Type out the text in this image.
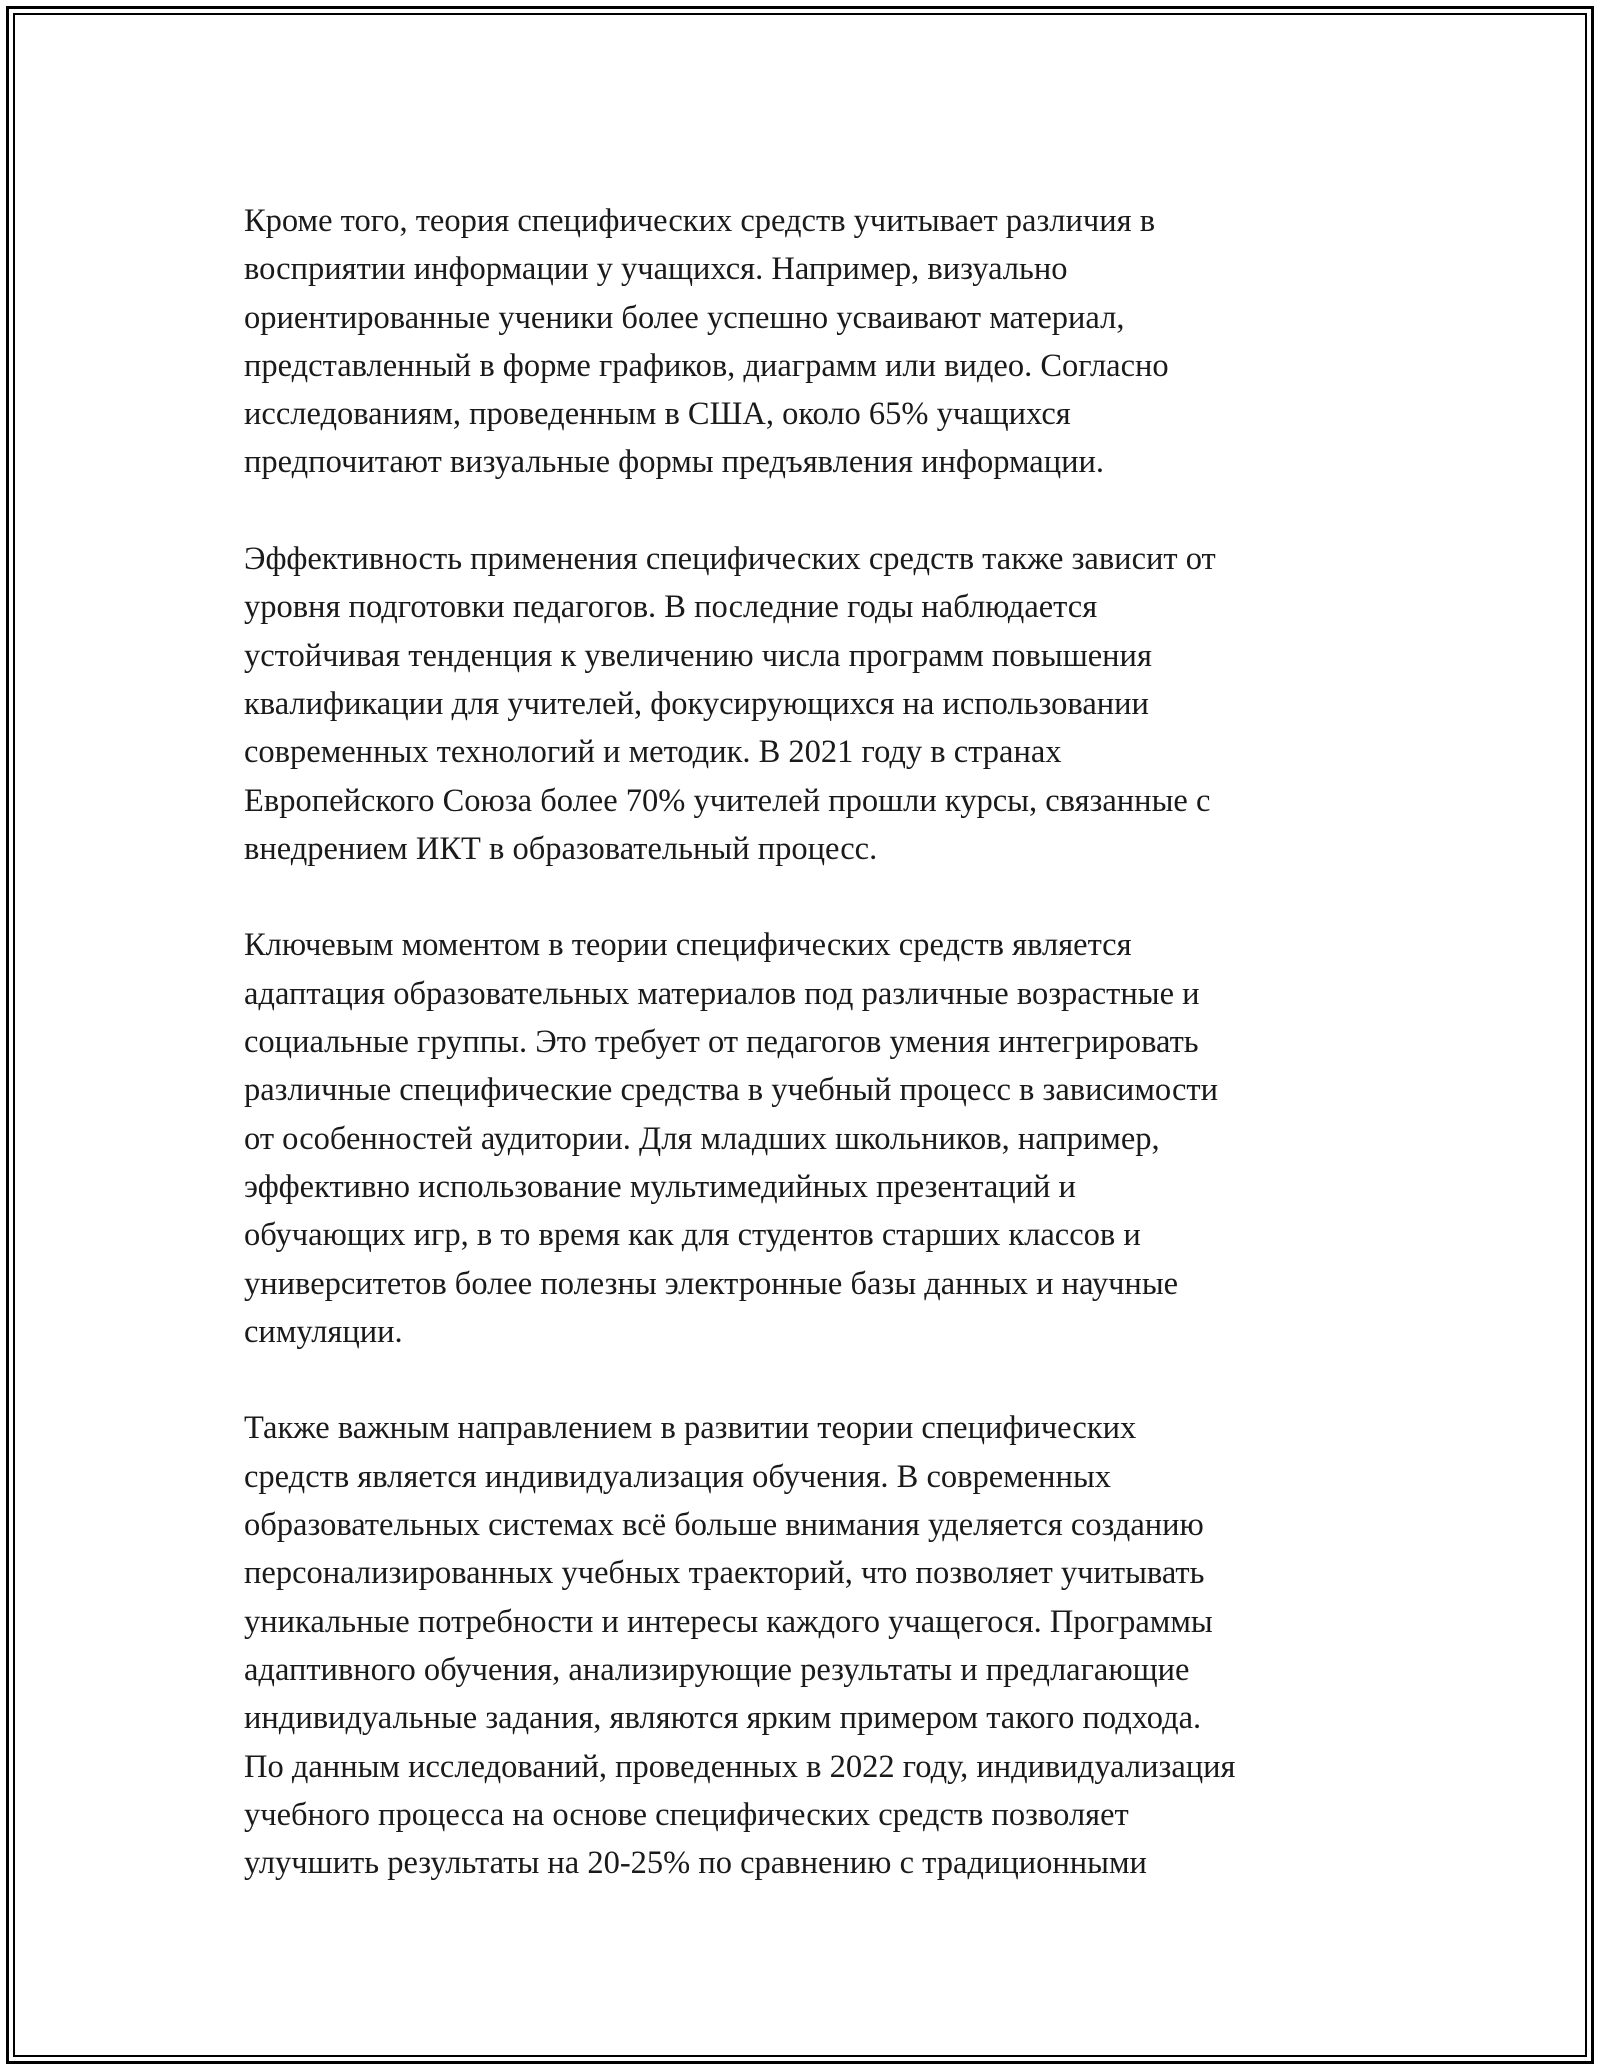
Кроме того, теория специфических средств учитывает различия в
восприятии информации у учащихся. Например, визуально
ориентированные ученики более успешно усваивают материал,
представленный в форме графиков, диаграмм или видео. Согласно
исследованиям, проведенным в США, около 65% учащихся
предпочитают визуальные формы предъявления информации.

Эффективность применения специфических средств также зависит от
уровня подготовки педагогов. В последние годы наблюдается
устойчивая тенденция к увеличению числа программ повышения
квалификации для учителей, фокусирующихся на использовании
современных технологий и методик. В 2021 году в странах
Европейского Союза более 70% учителей прошли курсы, связанные с
внедрением ИКТ в образовательный процесс.

Ключевым моментом в теории специфических средств является
адаптация образовательных материалов под различные возрастные и
социальные группы. Это требует от педагогов умения интегрировать
различные специфические средства в учебный процесс в зависимости
от особенностей аудитории. Для младших школьников, например,
эффективно использование мультимедийных презентаций и
обучающих игр, в то время как для студентов старших классов и
университетов более полезны электронные базы данных и научные
симуляции.

Также важным направлением в развитии теории специфических
средств является индивидуализация обучения. В современных
образовательных системах всё больше внимания уделяется созданию
персонализированных учебных траекторий, что позволяет учитывать
уникальные потребности и интересы каждого учащегося. Программы
адаптивного обучения, анализирующие результаты и предлагающие
индивидуальные задания, являются ярким примером такого подхода.
По данным исследований, проведенных в 2022 году, индивидуализация
учебного процесса на основе специфических средств позволяет
улучшить результаты на 20-25% по сравнению с традиционными
